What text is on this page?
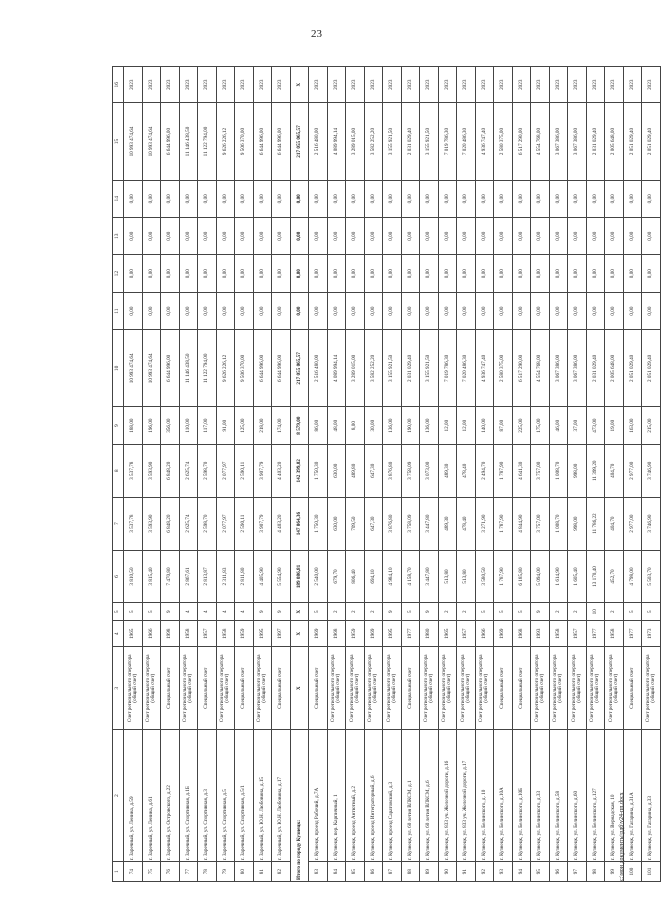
23
1	2	3	4	5	6	7	8	9	10	11	12	13	14	15	16
74	г. Заречный, ул. Ленина, д.59	Счет регионального оператора (общий счет)	1965	5	3 810,50	3 537,78	3 537,78	188,00	10 993 474,64	0,00	0,00	0,00	0,00	10 993 474,64	2023
75	г. Заречный, ул. Ленина, д.61	Счет регионального оператора (общий счет)	1966	5	3 815,40	3 593,90	3 593,90	196,00	10 993 474,64	0,00	0,00	0,00	0,00	10 993 474,64	2023
76	г. Заречный, ул. Островского, д.22	Специальный счет	1998	9	7 470,80	6 848,20	6 848,20	356,00	6 644 996,00	0,00	0,00	0,00	0,00	6 644 996,00	2023
77	г. Заречный, ул. Спортивная, д.1Б	Счет регионального оператора (общий счет)	1958	4	2 867,61	2 625,74	2 625,74	110,00	11 146 438,50	0,00	0,00	0,00	0,00	11 146 438,50	2023
78	г. Заречный, ул. Спортивная, д.3	Специальный счет	1957	4	2 813,87	2 598,70	2 598,70	117,00	11 122 794,00	0,00	0,00	0,00	0,00	11 122 794,00	2023
79	г. Заречный, ул. Спортивная, д.5	Счет регионального оператора (общий счет)	1958	4	2 311,83	2 077,97	2 077,97	91,00	9 626 226,12	0,00	0,00	0,00	0,00	9 626 226,12	2023
80	г. Заречный, ул. Спортивная, д.5/1	Специальный счет	1959	4	2 811,80	2 590,11	2 590,11	125,00	9 506 370,00	0,00	0,00	0,00	0,00	9 506 370,00	2023
81	г. Заречный, ул. Ю.Н. Любовина, д.15	Счет регионального оператора (общий счет)	1995	9	4 405,90	3 907,79	3 907,79	218,00	6 644 996,00	0,00	0,00	0,00	0,00	6 644 996,00	2023
82	г. Заречный, ул. Ю.Н. Любовина, д.17	Специальный счет	1997	9	5 554,90	4 403,20	4 403,20	174,00	6 644 996,00	0,00	0,00	0,00	0,00	6 644 996,00	2023
Итого по городу Кузнецк:		X	X	X	189 086,81	147 064,36	142 399,02	8 579,00	217 055 065,57	0,00	0,00	0,00	0,00	217 055 065,57	X
83	г. Кузнецк, проезд Рабочий, д.7А	Специальный счет	1969	5	2 540,00	1 750,30	1 750,30	86,00	2 516 480,00	0,00	0,00	0,00	0,00	2 516 480,00	2023
84	г. Кузнецк, пер. Карпичный, 1	Счет регионального оператора (общий счет)	1968	2	679,70	630,00	630,00	48,00	4 089 994,14	0,00	0,00	0,00	0,00	4 089 994,14	2023
85	г. Кузнецк, проезд Антютный, д.2	Счет регионального оператора (общий счет)	1959	2	806,40	709,50	489,80	8,00	3 289 015,00	0,00	0,00	0,00	0,00	3 289 015,00	2023
86	г. Кузнецк, проезд Интеграторный, д.6	Счет регионального оператора (общий счет)	1969	2	694,10	647,30	647,30	30,00	3 582 252,20	0,00	0,00	0,00	0,00	3 582 252,20	2023
87	г. Кузнецк, проезд Саратовский, д.3	Счет регионального оператора (общий счет)	1995	9	4 984,10	3 876,80	3 876,80	136,00	3 155 921,50	0,00	0,00	0,00	0,00	3 155 921,50	2023
88	г. Кузнецк, ул. 60 летия ВЛКСМ, д.1	Специальный счет	1977	5	4 158,70	3 758,09	3 758,09	190,00	2 031 029,40	0,00	0,00	0,00	0,00	2 031 029,40	2023
89	г. Кузнецк, ул. 60 летия ВЛКСМ, д.6	Счет регионального оператора (общий счет)	1980	9	3 447,80	3 447,80	3 073,00	136,00	3 155 921,50	0,00	0,00	0,00	0,00	3 155 921,50	2023
90	г. Кузнецк, ул. 833 уч. Железной дороги, д.16	Счет регионального оператора (общий счет)	1965	2	513,80	489,30	489,30	12,00	7 019 786,30	0,00	0,00	0,00	0,00	7 019 786,30	2023
91	г. Кузнецк, ул. 833 уч. Железной дороги, д.17	Счет регионального оператора (общий счет)	1957	2	513,80	478,40	478,40	12,00	7 020 486,30	0,00	0,00	0,00	0,00	7 020 486,30	2023
92	г. Кузнецк, ул. Белинского, д. 10	Счет регионального оператора (общий счет)	1966	5	3 580,50	3 271,90	2 494,70	140,00	4 936 747,40	0,00	0,00	0,00	0,00	4 936 747,40	2023
93	г. Кузнецк, ул. Белинского, д.10А	Специальный счет	1969	5	1 787,90	1 787,90	1 787,90	87,00	2 580 375,00	0,00	0,00	0,00	0,00	2 580 375,00	2023
94	г. Кузнецк, ул. Белинского, д.10Б	Специальный счет	1968	5	6 185,80	4 844,90	4 641,30	225,00	6 517 290,00	0,00	0,00	0,00	0,00	6 517 290,00	2023
95	г. Кузнецк, ул. Белинского, д.33	Счет регионального оператора (общий счет)	1993	9	5 094,00	3 757,00	3 757,00	175,00	4 554 768,00	0,00	0,00	0,00	0,00	4 554 768,00	2023
96	г. Кузнецк, ул. Белинского, д.58	Счет регионального оператора (общий счет)	1958	2	1 614,90	1 008,70	1 008,70	46,00	3 067 386,00	0,00	0,00	0,00	0,00	3 067 386,00	2023
97	г. Кузнецк, ул. Белинского, д.60	Счет регионального оператора (общий счет)	1957	2	1 605,40	998,00	998,00	37,00	3 067 386,00	0,00	0,00	0,00	0,00	3 067 386,00	2023
98	г. Кузнецк, ул. Белинского, д.127	Счет регионального оператора (общий счет)	1977	10	13 170,40	11 786,22	11 399,20	473,00	2 031 029,40	0,00	0,00	0,00	0,00	2 031 029,40	2023
99	г. Кузнецк, ул. Вернадская, 10	Счет регионального оператора (общий счет)	1958	2	452,70	404,70	404,70	19,00	2 005 648,00	0,00	0,00	0,00	0,00	2 005 648,00	2023
100	г. Кузнецк, ул. Гагарина, д.31А	Специальный счет	1977	5	4 798,00	2 977,00	2 977,00	163,00	2 051 029,40	0,00	0,00	0,00	0,00	2 051 029,40	2023
101	г. Кузнецк, ул. Гагарина, д.33	Счет регионального оператора (общий счет)	1973	5	5 503,70	3 746,90	3 746,90	215,00	2 051 029,40	0,00	0,00	0,00	0,00	2 051 029,40	2023
c:\мои документы\рдб\v24-пп.docx
